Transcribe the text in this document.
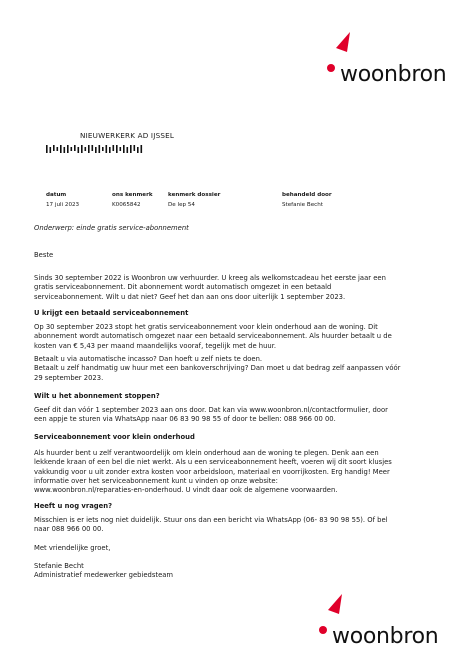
woonbron
NIEUWERKERK AD IJSSEL
datum
17 juli 2023
ons kenmerk
K0065842
kenmerk dossier
De lep 54
behandeld door
Stefanie Becht
Onderwerp: einde gratis service-abonnement
Beste
Sinds 30 september 2022 is Woonbron uw verhuurder. U kreeg als welkomstcadeau het eerste jaar een
gratis serviceabonnement. Dit abonnement wordt automatisch omgezet in een betaald
serviceabonnement. Wilt u dat niet? Geef het dan aan ons door uiterlijk 1 september 2023.
U krijgt een betaald serviceabonnement
Op 30 september 2023 stopt het gratis serviceabonnement voor klein onderhoud aan de woning. Dit
abonnement wordt automatisch omgezet naar een betaald serviceabonnement. Als huurder betaalt u de
kosten van € 5,43 per maand maandelijks vooraf, tegelijk met de huur.
Betaalt u via automatische incasso? Dan hoeft u zelf niets te doen.
Betaalt u zelf handmatig uw huur met een bankoverschrijving? Dan moet u dat bedrag zelf aanpassen vóór
29 september 2023.
Wilt u het abonnement stoppen?
Geef dit dan vóór 1 september 2023 aan ons door. Dat kan via www.woonbron.nl/contactformulier, door
een appje te sturen via WhatsApp naar 06 83 90 98 55 of door te bellen: 088 966 00 00.
Serviceabonnement voor klein onderhoud
Als huurder bent u zelf verantwoordelijk om klein onderhoud aan de woning te plegen. Denk aan een
lekkende kraan of een bel die niet werkt. Als u een serviceabonnement heeft, voeren wij dit soort klusjes
vakkundig voor u uit zonder extra kosten voor arbeidsloon, materiaal en voorrijkosten. Erg handig! Meer
informatie over het serviceabonnement kunt u vinden op onze website:
www.woonbron.nl/reparaties-en-onderhoud. U vindt daar ook de algemene voorwaarden.
Heeft u nog vragen?
Misschien is er iets nog niet duidelijk. Stuur ons dan een bericht via WhatsApp (06- 83 90 98 55). Of bel
naar 088 966 00 00.
Met vriendelijke groet,
Stefanie Becht
Administratief medewerker gebiedsteam
woonbron
